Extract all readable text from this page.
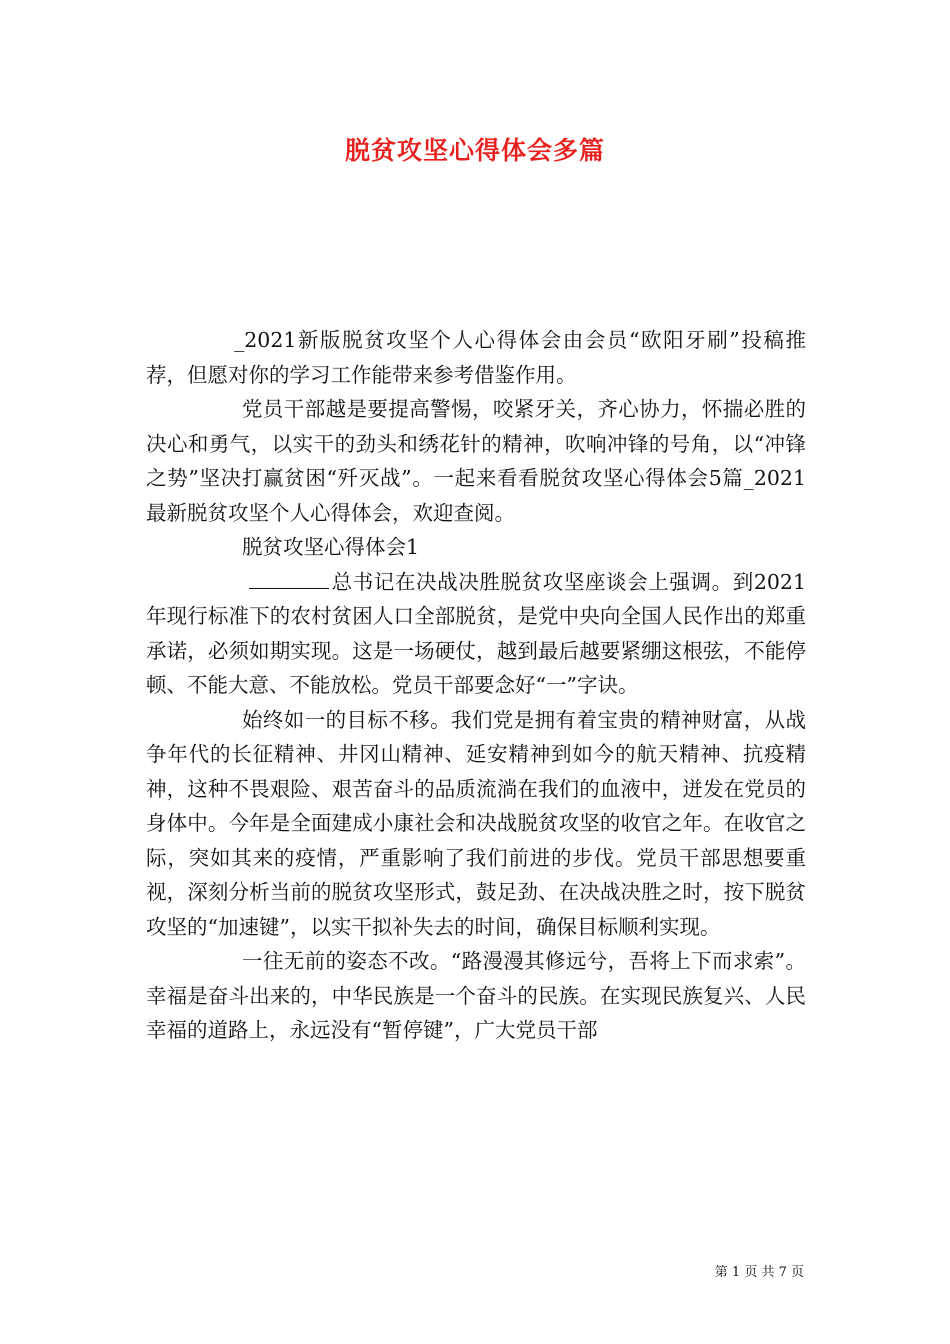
脱贫攻坚心得体会多篇

_2021新版脱贫攻坚个人心得体会由会员“欧阳牙刷”投稿推荐，但愿对你的学习工作能带来参考借鉴作用。

党员干部越是要提高警惕，咬紧牙关，齐心协力，怀揣必胜的决心和勇气，以实干的劲头和绣花针的精神，吹响冲锋的号角，以“冲锋之势”坚决打赢贫困“歼灭战”。一起来看看脱贫攻坚心得体会5篇_2021最新脱贫攻坚个人心得体会，欢迎查阅。

脱贫攻坚心得体会1

总书记在决战决胜脱贫攻坚座谈会上强调。到2021年现行标准下的农村贫困人口全部脱贫，是党中央向全国人民作出的郑重承诺，必须如期实现。这是一场硬仗，越到最后越要紧绷这根弦，不能停顿、不能大意、不能放松。党员干部要念好“一”字诀。

始终如一的目标不移。我们党是拥有着宝贵的精神财富，从战争年代的长征精神、井冈山精神、延安精神到如今的航天精神、抗疫精神，这种不畏艰险、艰苦奋斗的品质流淌在我们的血液中，迸发在党员的身体中。今年是全面建成小康社会和决战脱贫攻坚的收官之年。在收官之际，突如其来的疫情，严重影响了我们前进的步伐。党员干部思想要重视，深刻分析当前的脱贫攻坚形式，鼓足劲、在决战决胜之时，按下脱贫攻坚的“加速键”，以实干拟补失去的时间，确保目标顺利实现。

一往无前的姿态不改。“路漫漫其修远兮，吾将上下而求索”。幸福是奋斗出来的，中华民族是一个奋斗的民族。在实现民族复兴、人民幸福的道路上，永远没有“暂停键”，广大党员干部

第 1 页 共 7 页
